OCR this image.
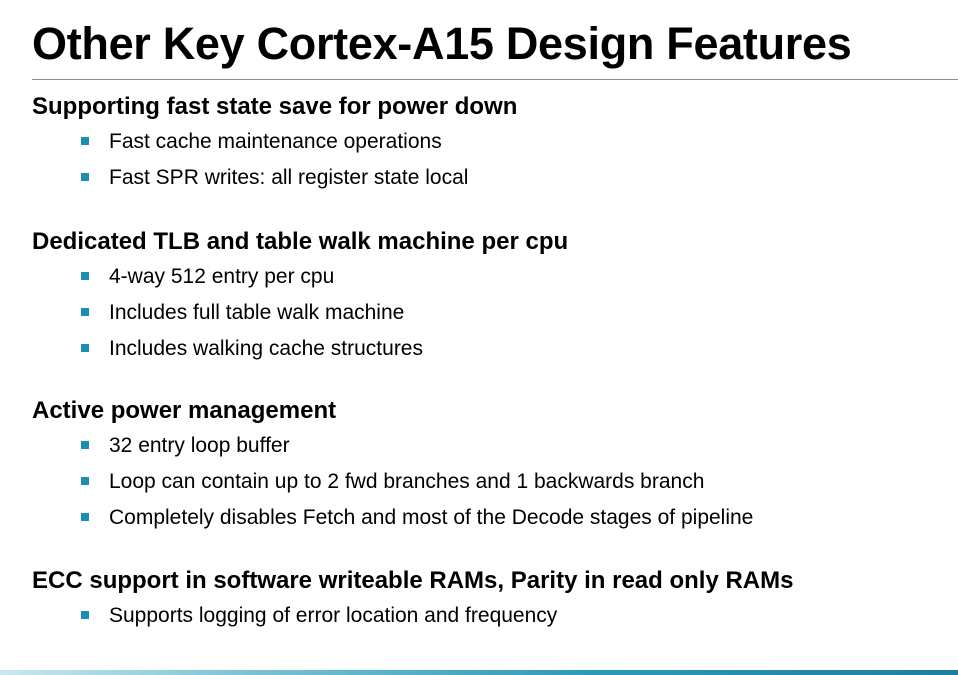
Other Key Cortex-A15 Design Features
Supporting fast state save for power down
Fast cache maintenance operations
Fast SPR writes: all register state local
Dedicated TLB and table walk machine per cpu
4-way 512 entry per cpu
Includes full table walk machine
Includes walking cache structures
Active power management
32 entry loop buffer
Loop can contain up to 2 fwd branches and 1 backwards branch
Completely disables Fetch and most of the Decode stages of pipeline
ECC support in software writeable RAMs, Parity in read only RAMs
Supports logging of error location and frequency
